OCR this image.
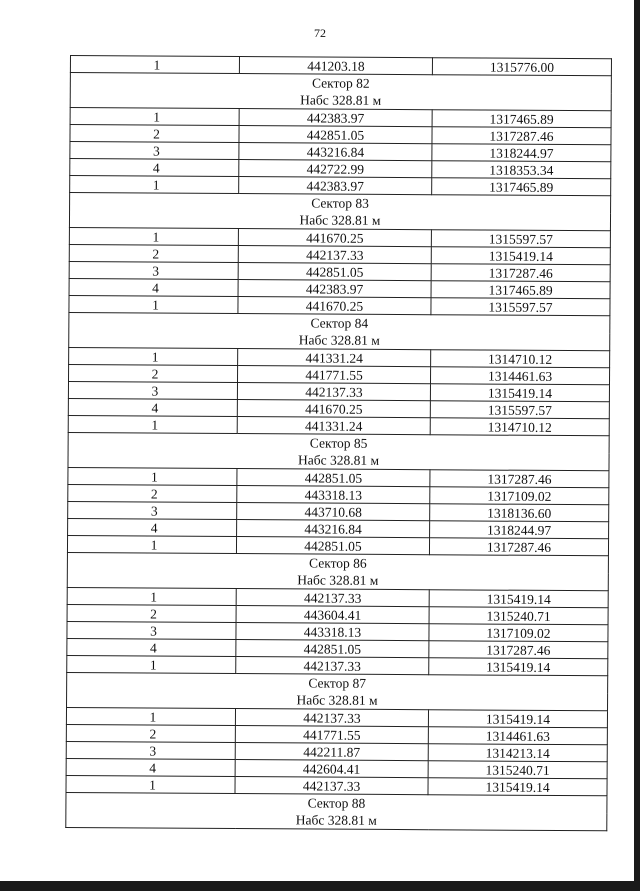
72
1	441203.18	1315776.00
Сектор 82		
Набс 328.81 м		
1	442383.97	1317465.89
2	442851.05	1317287.46
3	443216.84	1318244.97
4	442722.99	1318353.34
1	442383.97	1317465.89
Сектор 83		
Набс 328.81 м		
1	441670.25	1315597.57
2	442137.33	1315419.14
3	442851.05	1317287.46
4	442383.97	1317465.89
1	441670.25	1315597.57
Сектор 84		
Набс 328.81 м		
1	441331.24	1314710.12
2	441771.55	1314461.63
3	442137.33	1315419.14
4	441670.25	1315597.57
1	441331.24	1314710.12
Сектор 85		
Набс 328.81 м		
1	442851.05	1317287.46
2	443318.13	1317109.02
3	443710.68	1318136.60
4	443216.84	1318244.97
1	442851.05	1317287.46
Сектор 86		
Набс 328.81 м		
1	442137.33	1315419.14
2	443604.41	1315240.71
3	443318.13	1317109.02
4	442851.05	1317287.46
1	442137.33	1315419.14
Сектор 87		
Набс 328.81 м		
1	442137.33	1315419.14
2	441771.55	1314461.63
3	442211.87	1314213.14
4	442604.41	1315240.71
1	442137.33	1315419.14
Сектор 88		
Набс 328.81 м		
